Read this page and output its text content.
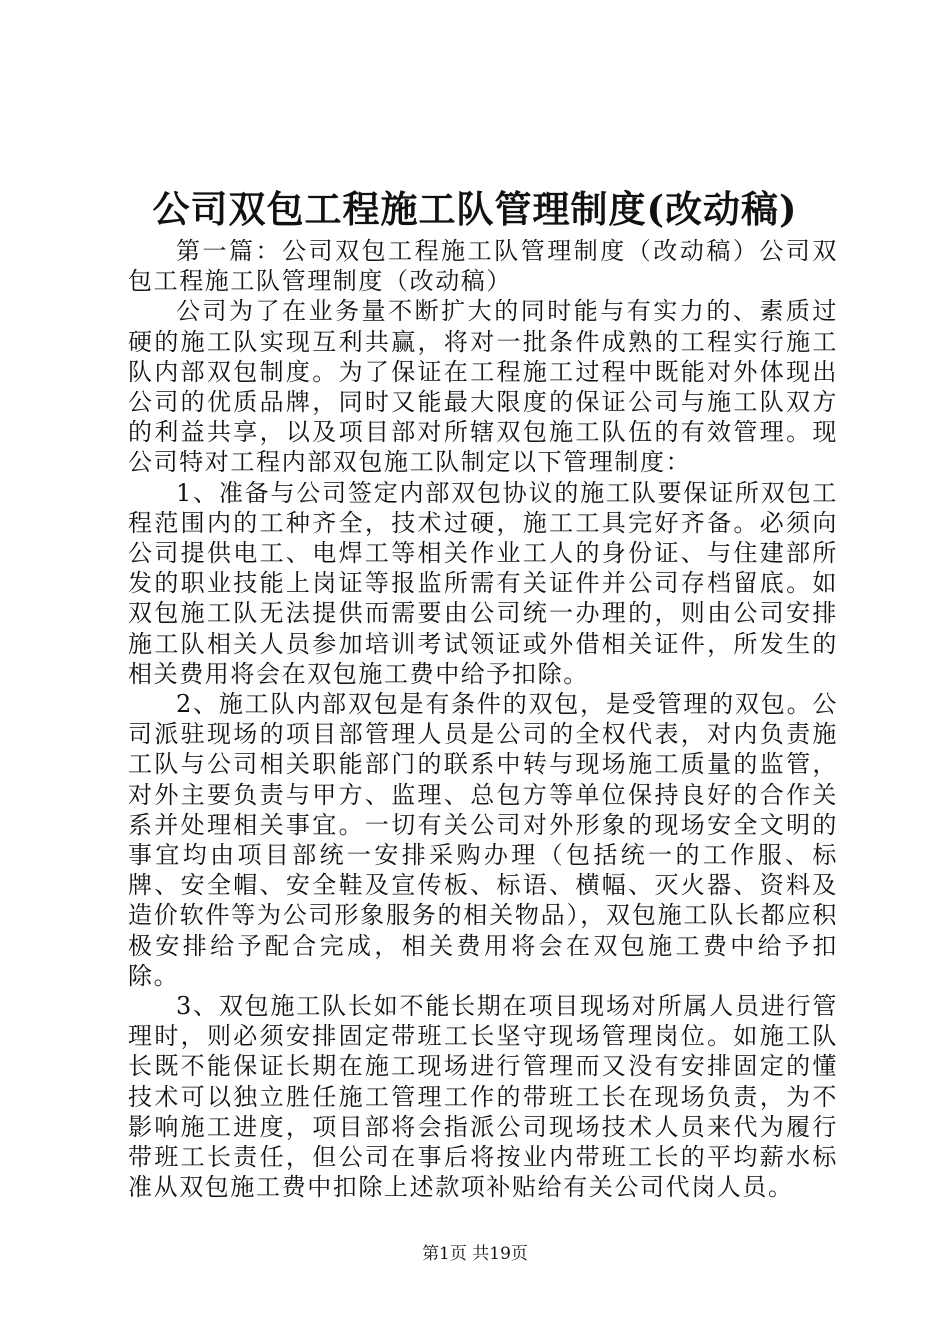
公司双包工程施工队管理制度(改动稿)

第一篇：公司双包工程施工队管理制度（改动稿）公司双包工程施工队管理制度（改动稿）

公司为了在业务量不断扩大的同时能与有实力的、素质过硬的施工队实现互利共赢，将对一批条件成熟的工程实行施工队内部双包制度。为了保证在工程施工过程中既能对外体现出公司的优质品牌，同时又能最大限度的保证公司与施工队双方的利益共享，以及项目部对所辖双包施工队伍的有效管理。现公司特对工程内部双包施工队制定以下管理制度：

1、准备与公司签定内部双包协议的施工队要保证所双包工程范围内的工种齐全，技术过硬，施工工具完好齐备。必须向公司提供电工、电焊工等相关作业工人的身份证、与住建部所发的职业技能上岗证等报监所需有关证件并公司存档留底。如双包施工队无法提供而需要由公司统一办理的，则由公司安排施工队相关人员参加培训考试领证或外借相关证件，所发生的相关费用将会在双包施工费中给予扣除。

2、施工队内部双包是有条件的双包，是受管理的双包。公司派驻现场的项目部管理人员是公司的全权代表，对内负责施工队与公司相关职能部门的联系中转与现场施工质量的监管，对外主要负责与甲方、监理、总包方等单位保持良好的合作关系并处理相关事宜。一切有关公司对外形象的现场安全文明的事宜均由项目部统一安排采购办理（包括统一的工作服、标牌、安全帽、安全鞋及宣传板、标语、横幅、灭火器、资料及造价软件等为公司形象服务的相关物品），双包施工队长都应积极安排给予配合完成，相关费用将会在双包施工费中给予扣除。

3、双包施工队长如不能长期在项目现场对所属人员进行管理时，则必须安排固定带班工长坚守现场管理岗位。如施工队长既不能保证长期在施工现场进行管理而又没有安排固定的懂技术可以独立胜任施工管理工作的带班工长在现场负责，为不影响施工进度，项目部将会指派公司现场技术人员来代为履行带班工长责任，但公司在事后将按业内带班工长的平均薪水标准从双包施工费中扣除上述款项补贴给有关公司代岗人员。

第1页 共19页
